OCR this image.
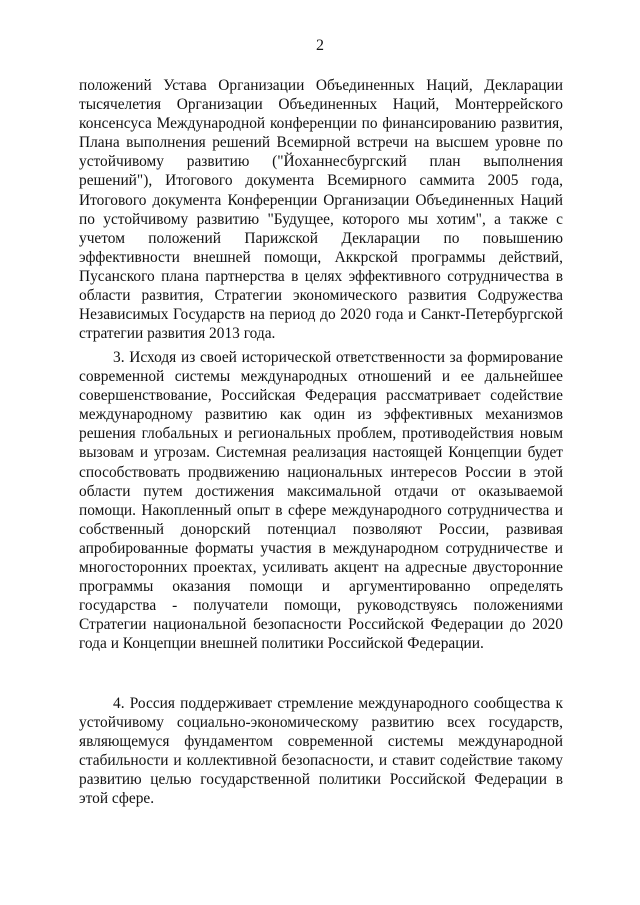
2

положений Устава Организации Объединенных Наций, Декларации тысячелетия Организации Объединенных Наций, Монтеррейского консенсуса Международной конференции по финансированию развития, Плана выполнения решений Всемирной встречи на высшем уровне по устойчивому развитию ("Йоханнесбургский план выполнения решений"), Итогового документа Всемирного саммита 2005 года, Итогового документа Конференции Организации Объединенных Наций по устойчивому развитию "Будущее, которого мы хотим", а также с учетом положений Парижской Декларации по повышению эффективности внешней помощи, Аккрской программы действий, Пусанского плана партнерства в целях эффективного сотрудничества в области развития, Стратегии экономического развития Содружества Независимых Государств на период до 2020 года и Санкт-Петербургской стратегии развития 2013 года.

3. Исходя из своей исторической ответственности за формирование современной системы международных отношений и ее дальнейшее совершенствование, Российская Федерация рассматривает содействие международному развитию как один из эффективных механизмов решения глобальных и региональных проблем, противодействия новым вызовам и угрозам. Системная реализация настоящей Концепции будет способствовать продвижению национальных интересов России в этой области путем достижения максимальной отдачи от оказываемой помощи. Накопленный опыт в сфере международного сотрудничества и собственный донорский потенциал позволяют России, развивая апробированные форматы участия в международном сотрудничестве и многосторонних проектах, усиливать акцент на адресные двусторонние программы оказания помощи и аргументированно определять государства - получатели помощи, руководствуясь положениями Стратегии национальной безопасности Российской Федерации до 2020 года и Концепции внешней политики Российской Федерации.

4. Россия поддерживает стремление международного сообщества к устойчивому социально-экономическому развитию всех государств, являющемуся фундаментом современной системы международной стабильности и коллективной безопасности, и ставит содействие такому развитию целью государственной политики Российской Федерации в этой сфере.
